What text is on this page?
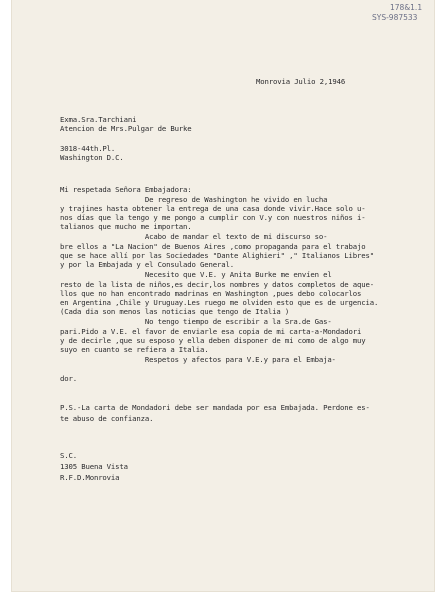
178&1.1
SYS-987533
Monrovia Julio 2,1946
Exma.Sra.Tarchiani
Atencion de Mrs.Pulgar de Burke
3018-44th.Pl.
Washington D.C.
Mi respetada Señora Embajadora:
De regreso de Washington he vivido en lucha
y trajines hasta obtener la entrega de una casa donde vivir.Hace solo u-
nos días que la tengo y me pongo a cumplir con V.y con nuestros niños i-
talianos que mucho me importan.
Acabo de mandar el texto de mi discurso so-
bre ellos a "La Nacion" de Buenos Aires ,como propaganda para el trabajo
que se hace allí por las Sociedades "Dante Alighieri" ," Italianos Libres"
y por la Embajada y el Consulado General.
Necesito que V.E. y Anita Burke me envíen el
resto de la lista de niños,es decir,los nombres y datos completos de aque-
llos que no han encontrado madrinas en Washington ,pues debo colocarlos
en Argentina ,Chile y Uruguay.Les ruego me olviden esto que es de urgencia.
(Cada dia son menos las noticias que tengo de Italia )
No tengo tiempo de escribir a la Sra.de Gas-
pari.Pido a V.E. el favor de enviarle esa copia de mi carta-a-Mondadori
y de decirle ,que su esposo y ella deben disponer de mi como de algo muy
suyo en cuanto se refiera a Italia.
Respetos y afectos para V.E.y para el Embaja-
dor.
P.S.-La carta de Mondadori debe ser mandada por esa Embajada. Perdone es-
te abuso de confianza.
S.C.
1305 Buena Vista
R.F.D.Monrovia
